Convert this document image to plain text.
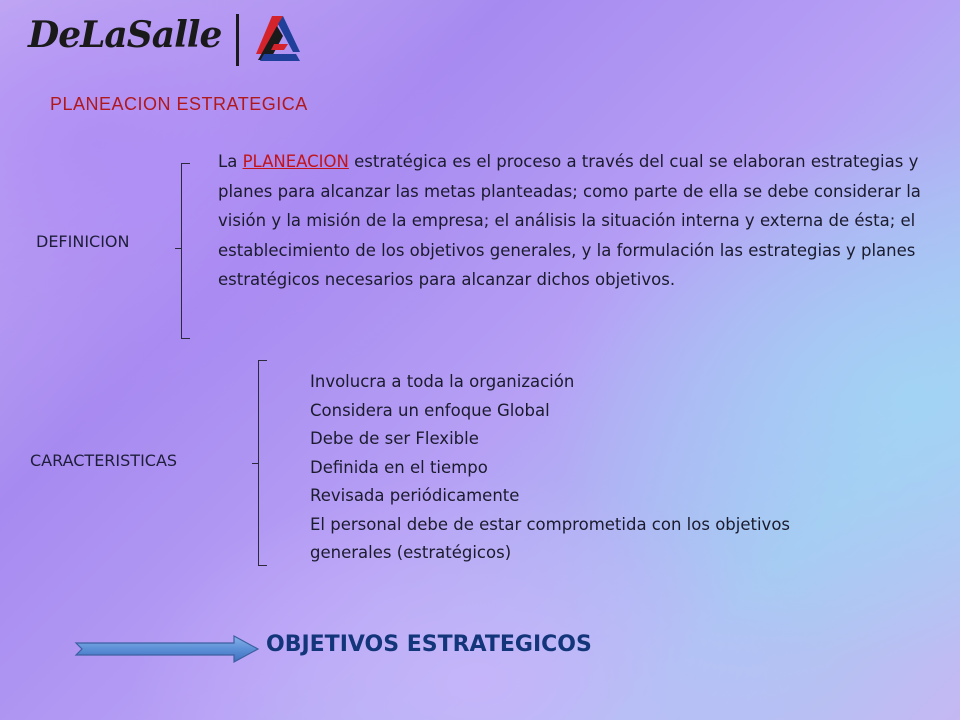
DeLaSalle
PLANEACION ESTRATEGICA
DEFINICION

La PLANEACION estratégica es el proceso a través del cual se elaboran estrategias y planes para alcanzar las metas planteadas; como parte de ella se debe considerar la visión y la misión de la empresa; el análisis la situación interna y externa de ésta; el establecimiento de los objetivos generales, y la formulación las estrategias y planes estratégicos necesarios para alcanzar dichos objetivos.

CARACTERISTICAS
Involucra a toda la organización
Considera un enfoque Global
Debe de ser Flexible
Definida en el tiempo
Revisada periódicamente
El personal debe de estar comprometida con los objetivos generales (estratégicos)
OBJETIVOS ESTRATEGICOS
